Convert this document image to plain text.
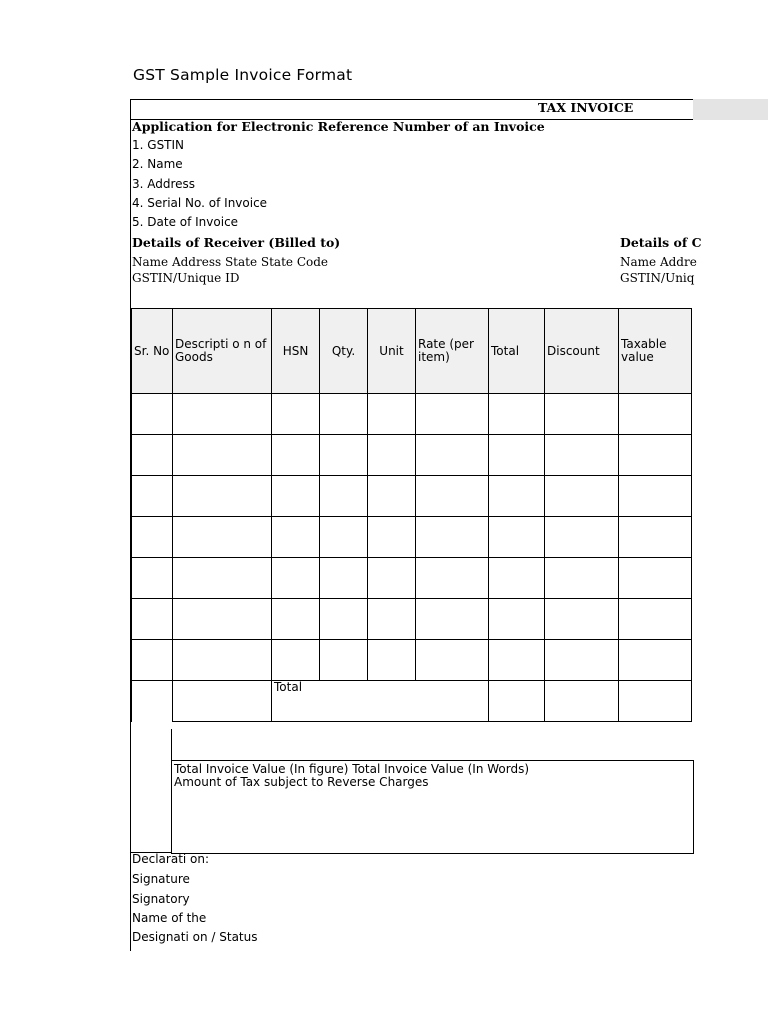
GST Sample Invoice Format
TAX INVOICE
Application for Electronic Reference Number of an Invoice
1. GSTIN
2. Name
3. Address
4. Serial No. of Invoice
5. Date of Invoice
Details of Receiver (Billed to)
Name Address State State Code
GSTIN/Unique ID
Details of C
Name Addre
GSTIN/Uniq
Sr. No	Descripti o n of Goods	HSN	Qty.	Unit	Rate (per item)	Total	Discount	Taxable value

		Total						
Total Invoice Value (In figure) Total Invoice Value (In Words)
Amount of Tax subject to Reverse Charges
Declarati on:
Signature
Signatory
Name of the
Designati on / Status
